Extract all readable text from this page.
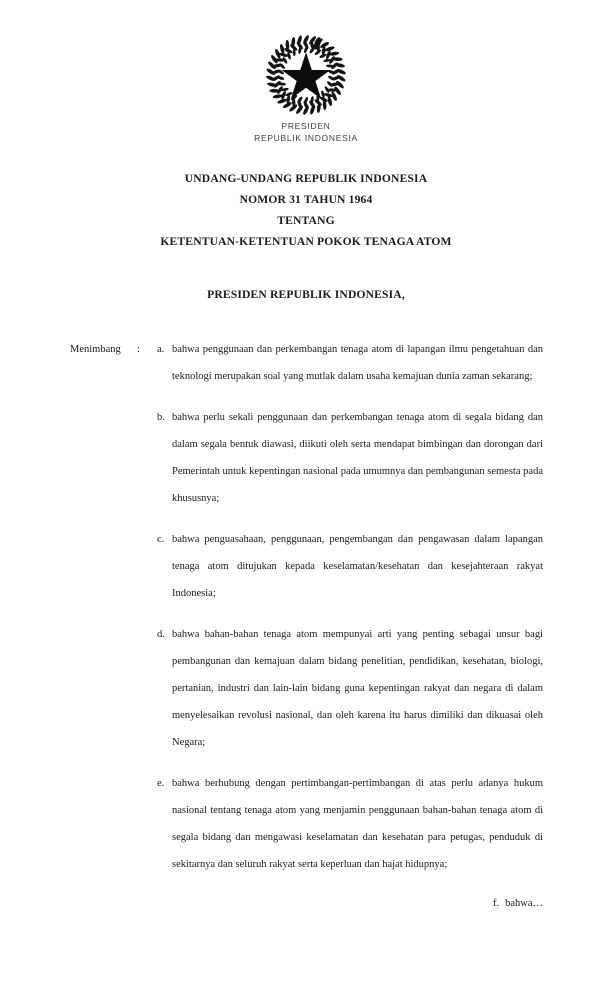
PRESIDEN
REPUBLIK INDONESIA
UNDANG-UNDANG REPUBLIK INDONESIA
NOMOR 31 TAHUN 1964
TENTANG
KETENTUAN-KETENTUAN POKOK TENAGA ATOM
PRESIDEN REPUBLIK INDONESIA,
Menimbang	:	a. bahwa penggunaan dan perkembangan tenaga atom di lapangan ilmu pengetahuan dan teknologi merupakan soal yang mutlak dalam usaha kemajuan dunia zaman sekarang;
b. bahwa perlu sekali penggunaan dan perkembangan tenaga atom di segala bidang dan dalam segala bentuk diawasi, diikuti oleh serta mendapat bimbingan dan dorongan dari Pemerintah untuk kepentingan nasional pada umumnya dan pembangunan semesta pada khususnya;
c. bahwa penguasahaan, penggunaan, pengembangan dan pengawasan dalam lapangan tenaga atom ditujukan kepada keselamatan/kesehatan dan kesejahteraan rakyat Indonesia;
d. bahwa bahan-bahan tenaga atom mempunyai arti yang penting sebagai unsur bagi pembangunan dan kemajuan dalam bidang penelitian, pendidikan, kesehatan, biologi, pertanian, industri dan lain-lain bidang guna kepentingan rakyat dan negara di dalam menyelesaikan revolusi nasional, dan oleh karena itu harus dimiliki dan dikuasai oleh Negara;
e. bahwa berhubung dengan pertimbangan-pertimbangan di atas perlu adanya hukum nasional tentang tenaga atom yang menjamin penggunaan bahan-bahan tenaga atom di segala bidang dan mengawasi keselamatan dan kesehatan para petugas, penduduk di sekitarnya dan seluruh rakyat serta keperluan dan hajat hidupnya;
f. bahwa…
